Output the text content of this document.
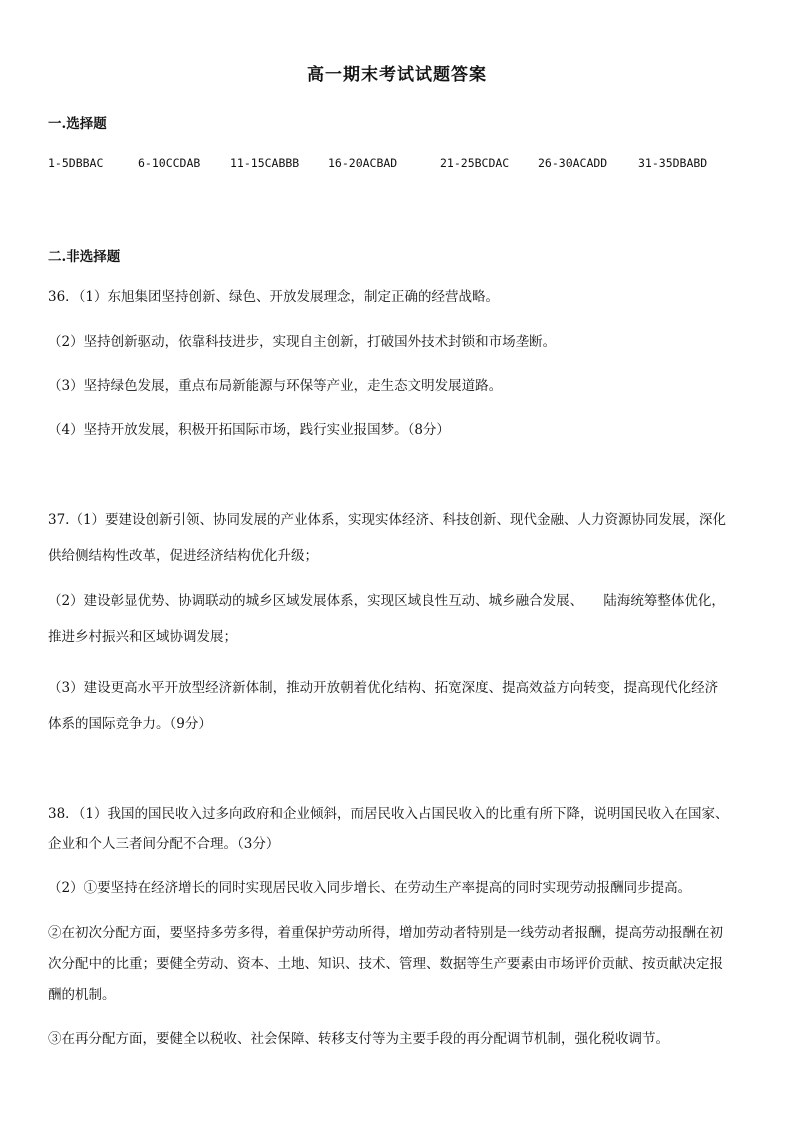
高一期末考试试题答案
一.选择题
1-5DBBAC	6-10CCDAB	11-15CABBB	16-20ACBAD	21-25BCDAC	26-30ACADD	31-35DBABD
二.非选择题
36．（1）东旭集团坚持创新、绿色、开放发展理念，制定正确的经营战略。
（2）坚持创新驱动，依靠科技进步，实现自主创新，打破国外技术封锁和市场垄断。
（3）坚持绿色发展，重点布局新能源与环保等产业，走生态文明发展道路。
（4）坚持开放发展，积极开拓国际市场，践行实业报国梦。（8分）
37.（1）要建设创新引领、协同发展的产业体系，实现实体经济、科技创新、现代金融、人力资源协同发展，深化
供给侧结构性改革，促进经济结构优化升级；
（2）建设彰显优势、协调联动的城乡区域发展体系，实现区域良性互动、城乡融合发展、　　陆海统筹整体优化，
推进乡村振兴和区域协调发展；
（3）建设更高水平开放型经济新体制，推动开放朝着优化结构、拓宽深度、提高效益方向转变，提高现代化经济
体系的国际竞争力。（9分）
38．（1）我国的国民收入过多向政府和企业倾斜，而居民收入占国民收入的比重有所下降，说明国民收入在国家、
企业和个人三者间分配不合理。（3分）
（2）①要坚持在经济增长的同时实现居民收入同步增长、在劳动生产率提高的同时实现劳动报酬同步提高。
②在初次分配方面，要坚持多劳多得，着重保护劳动所得，增加劳动者特别是一线劳动者报酬，提高劳动报酬在初
次分配中的比重；要健全劳动、资本、土地、知识、技术、管理、数据等生产要素由市场评价贡献、按贡献决定报
酬的机制。
③在再分配方面，要健全以税收、社会保障、转移支付等为主要手段的再分配调节机制，强化税收调节。
